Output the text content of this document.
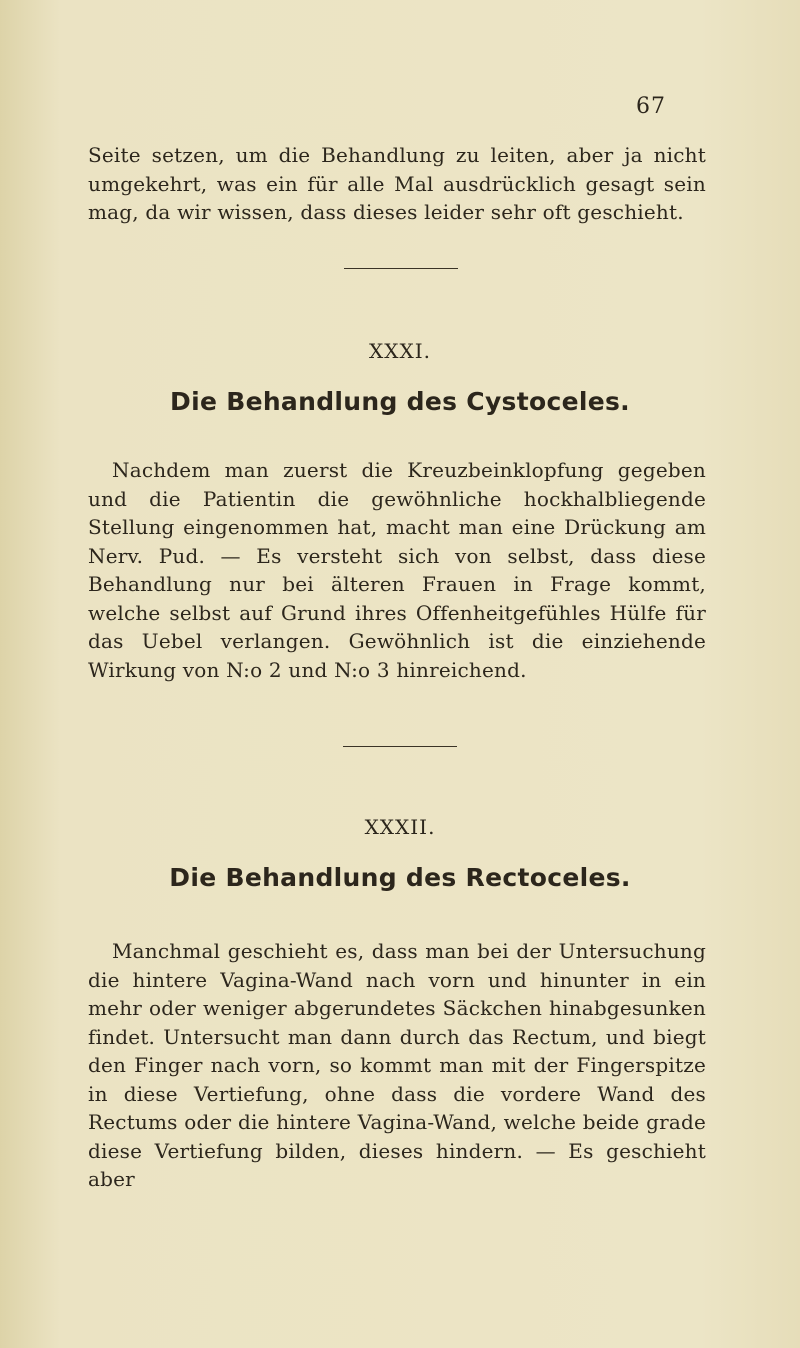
67

Seite setzen, um die Behandlung zu leiten, aber ja nicht umgekehrt, was ein für alle Mal ausdrücklich gesagt sein mag, da wir wissen, dass dieses leider sehr oft geschieht.

XXXI.
Die Behandlung des Cystoceles.

Nachdem man zuerst die Kreuzbeinklopfung gegeben und die Patientin die gewöhnliche hockhalbliegende Stellung eingenommen hat, macht man eine Drückung am Nerv. Pud. — Es versteht sich von selbst, dass diese Behandlung nur bei älteren Frauen in Frage kommt, welche selbst auf Grund ihres Offenheitgefühles Hülfe für das Uebel verlangen. Gewöhnlich ist die einziehende Wirkung von N:o 2 und N:o 3 hinreichend.

XXXII.
Die Behandlung des Rectoceles.

Manchmal geschieht es, dass man bei der Untersuchung die hintere Vagina-Wand nach vorn und hinunter in ein mehr oder weniger abgerundetes Säckchen hinabgesunken findet. Untersucht man dann durch das Rectum, und biegt den Finger nach vorn, so kommt man mit der Fingerspitze in diese Vertiefung, ohne dass die vordere Wand des Rectums oder die hintere Vagina-Wand, welche beide grade diese Vertiefung bilden, dieses hindern. — Es geschieht aber
